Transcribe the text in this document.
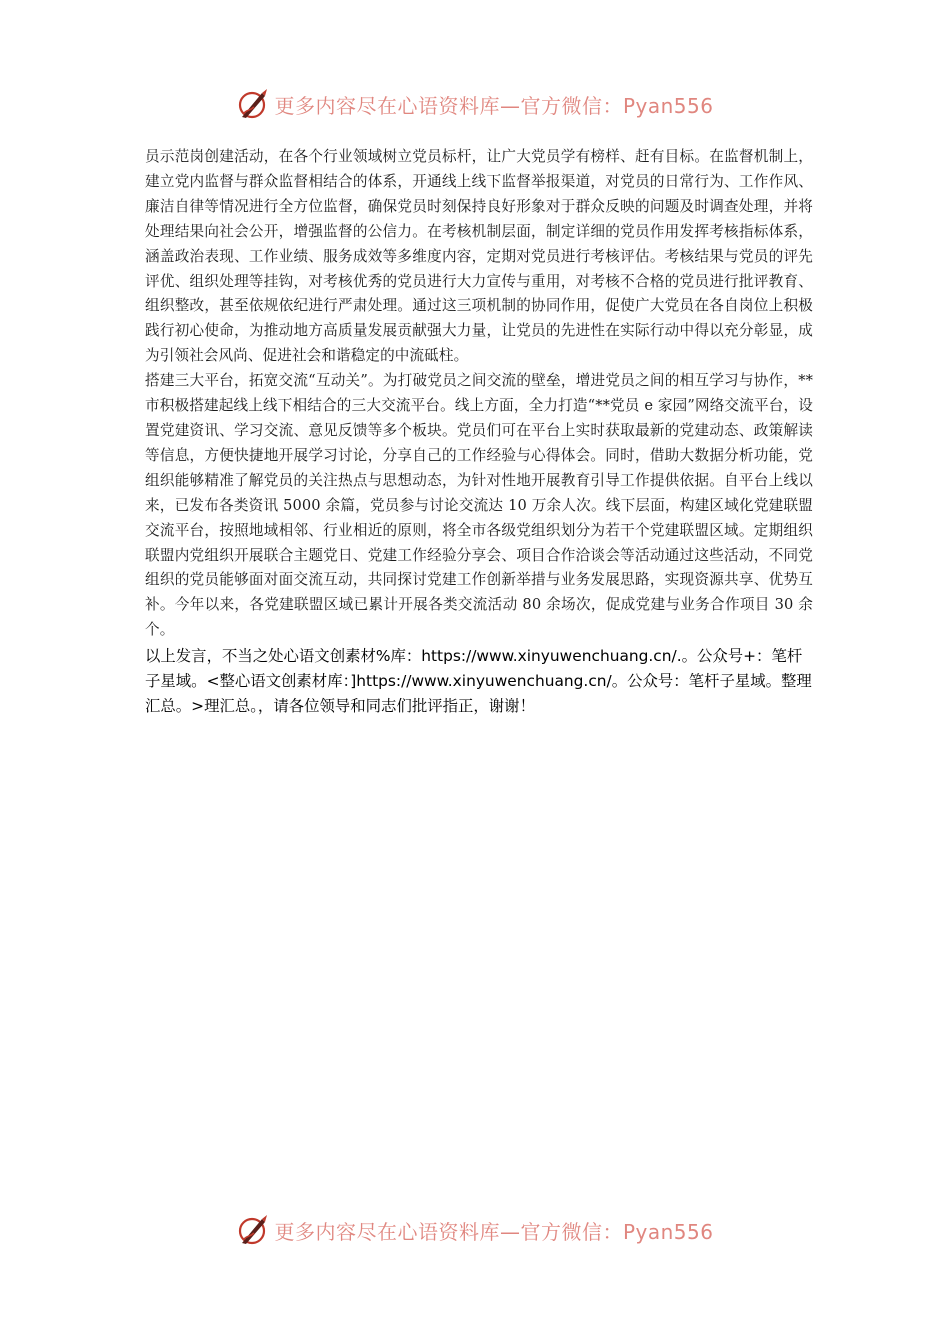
更多内容尽在心语资料库—官方微信：Pyan556

员示范岗创建活动，在各个行业领域树立党员标杆，让广大党员学有榜样、赶有目标。在监督机制上，建立党内监督与群众监督相结合的体系，开通线上线下监督举报渠道，对党员的日常行为、工作作风、廉洁自律等情况进行全方位监督，确保党员时刻保持良好形象对于群众反映的问题及时调查处理，并将处理结果向社会公开，增强监督的公信力。在考核机制层面，制定详细的党员作用发挥考核指标体系，涵盖政治表现、工作业绩、服务成效等多维度内容，定期对党员进行考核评估。考核结果与党员的评先评优、组织处理等挂钩，对考核优秀的党员进行大力宣传与重用，对考核不合格的党员进行批评教育、组织整改，甚至依规依纪进行严肃处理。通过这三项机制的协同作用，促使广大党员在各自岗位上积极践行初心使命，为推动地方高质量发展贡献强大力量，让党员的先进性在实际行动中得以充分彰显，成为引领社会风尚、促进社会和谐稳定的中流砥柱。

搭建三大平台，拓宽交流“互动关”。为打破党员之间交流的壁垒，增进党员之间的相互学习与协作，**市积极搭建起线上线下相结合的三大交流平台。线上方面，全力打造“**党员 e 家园”网络交流平台，设置党建资讯、学习交流、意见反馈等多个板块。党员们可在平台上实时获取最新的党建动态、政策解读等信息，方便快捷地开展学习讨论，分享自己的工作经验与心得体会。同时，借助大数据分析功能，党组织能够精准了解党员的关注热点与思想动态，为针对性地开展教育引导工作提供依据。自平台上线以来，已发布各类资讯 5000 余篇，党员参与讨论交流达 10 万余人次。线下层面，构建区域化党建联盟交流平台，按照地域相邻、行业相近的原则，将全市各级党组织划分为若干个党建联盟区域。定期组织联盟内党组织开展联合主题党日、党建工作经验分享会、项目合作洽谈会等活动通过这些活动，不同党组织的党员能够面对面交流互动，共同探讨党建工作创新举措与业务发展思路，实现资源共享、优势互补。今年以来，各党建联盟区域已累计开展各类交流活动 80 余场次，促成党建与业务合作项目 30 余个。

以上发言，不当之处心语文创素材%库：https://www.xinyuwenchuang.cn/.。公众号+：笔杆子星域。<整心语文创素材库：]https://www.xinyuwenchuang.cn/。公众号：笔杆子星域。整理汇总。>理汇总。，请各位领导和同志们批评指正，谢谢！

更多内容尽在心语资料库—官方微信：Pyan556
